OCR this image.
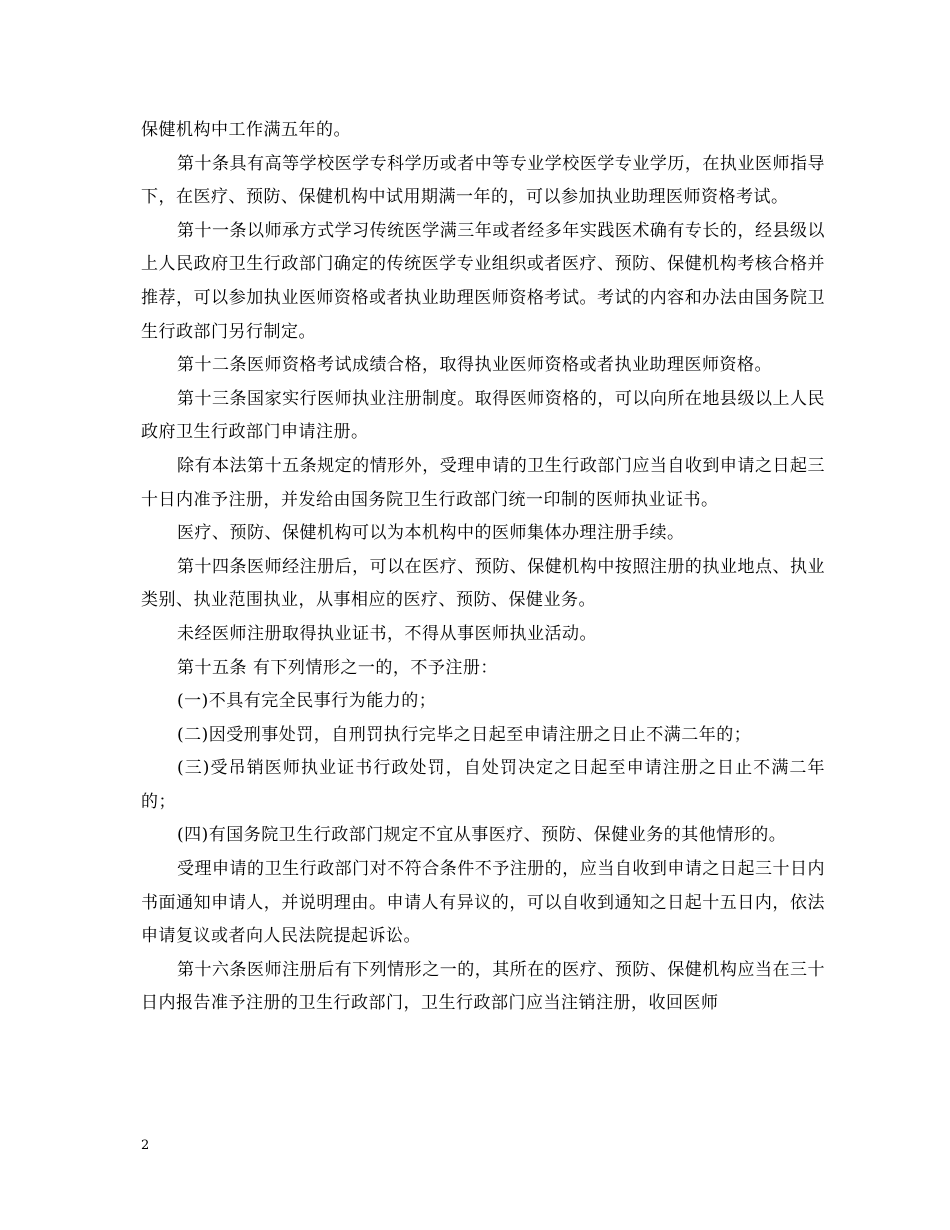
保健机构中工作满五年的。

第十条具有高等学校医学专科学历或者中等专业学校医学专业学历，在执业医师指导下，在医疗、预防、保健机构中试用期满一年的，可以参加执业助理医师资格考试。

第十一条以师承方式学习传统医学满三年或者经多年实践医术确有专长的，经县级以上人民政府卫生行政部门确定的传统医学专业组织或者医疗、预防、保健机构考核合格并推荐，可以参加执业医师资格或者执业助理医师资格考试。考试的内容和办法由国务院卫生行政部门另行制定。

第十二条医师资格考试成绩合格，取得执业医师资格或者执业助理医师资格。

第十三条国家实行医师执业注册制度。取得医师资格的，可以向所在地县级以上人民政府卫生行政部门申请注册。

除有本法第十五条规定的情形外，受理申请的卫生行政部门应当自收到申请之日起三十日内准予注册，并发给由国务院卫生行政部门统一印制的医师执业证书。

医疗、预防、保健机构可以为本机构中的医师集体办理注册手续。

第十四条医师经注册后，可以在医疗、预防、保健机构中按照注册的执业地点、执业类别、执业范围执业，从事相应的医疗、预防、保健业务。

未经医师注册取得执业证书，不得从事医师执业活动。

第十五条 有下列情形之一的，不予注册：

(一)不具有完全民事行为能力的；

(二)因受刑事处罚，自刑罚执行完毕之日起至申请注册之日止不满二年的；

(三)受吊销医师执业证书行政处罚，自处罚决定之日起至申请注册之日止不满二年的；

(四)有国务院卫生行政部门规定不宜从事医疗、预防、保健业务的其他情形的。

受理申请的卫生行政部门对不符合条件不予注册的，应当自收到申请之日起三十日内书面通知申请人，并说明理由。申请人有异议的，可以自收到通知之日起十五日内，依法申请复议或者向人民法院提起诉讼。

第十六条医师注册后有下列情形之一的，其所在的医疗、预防、保健机构应当在三十日内报告准予注册的卫生行政部门，卫生行政部门应当注销注册，收回医师

2
